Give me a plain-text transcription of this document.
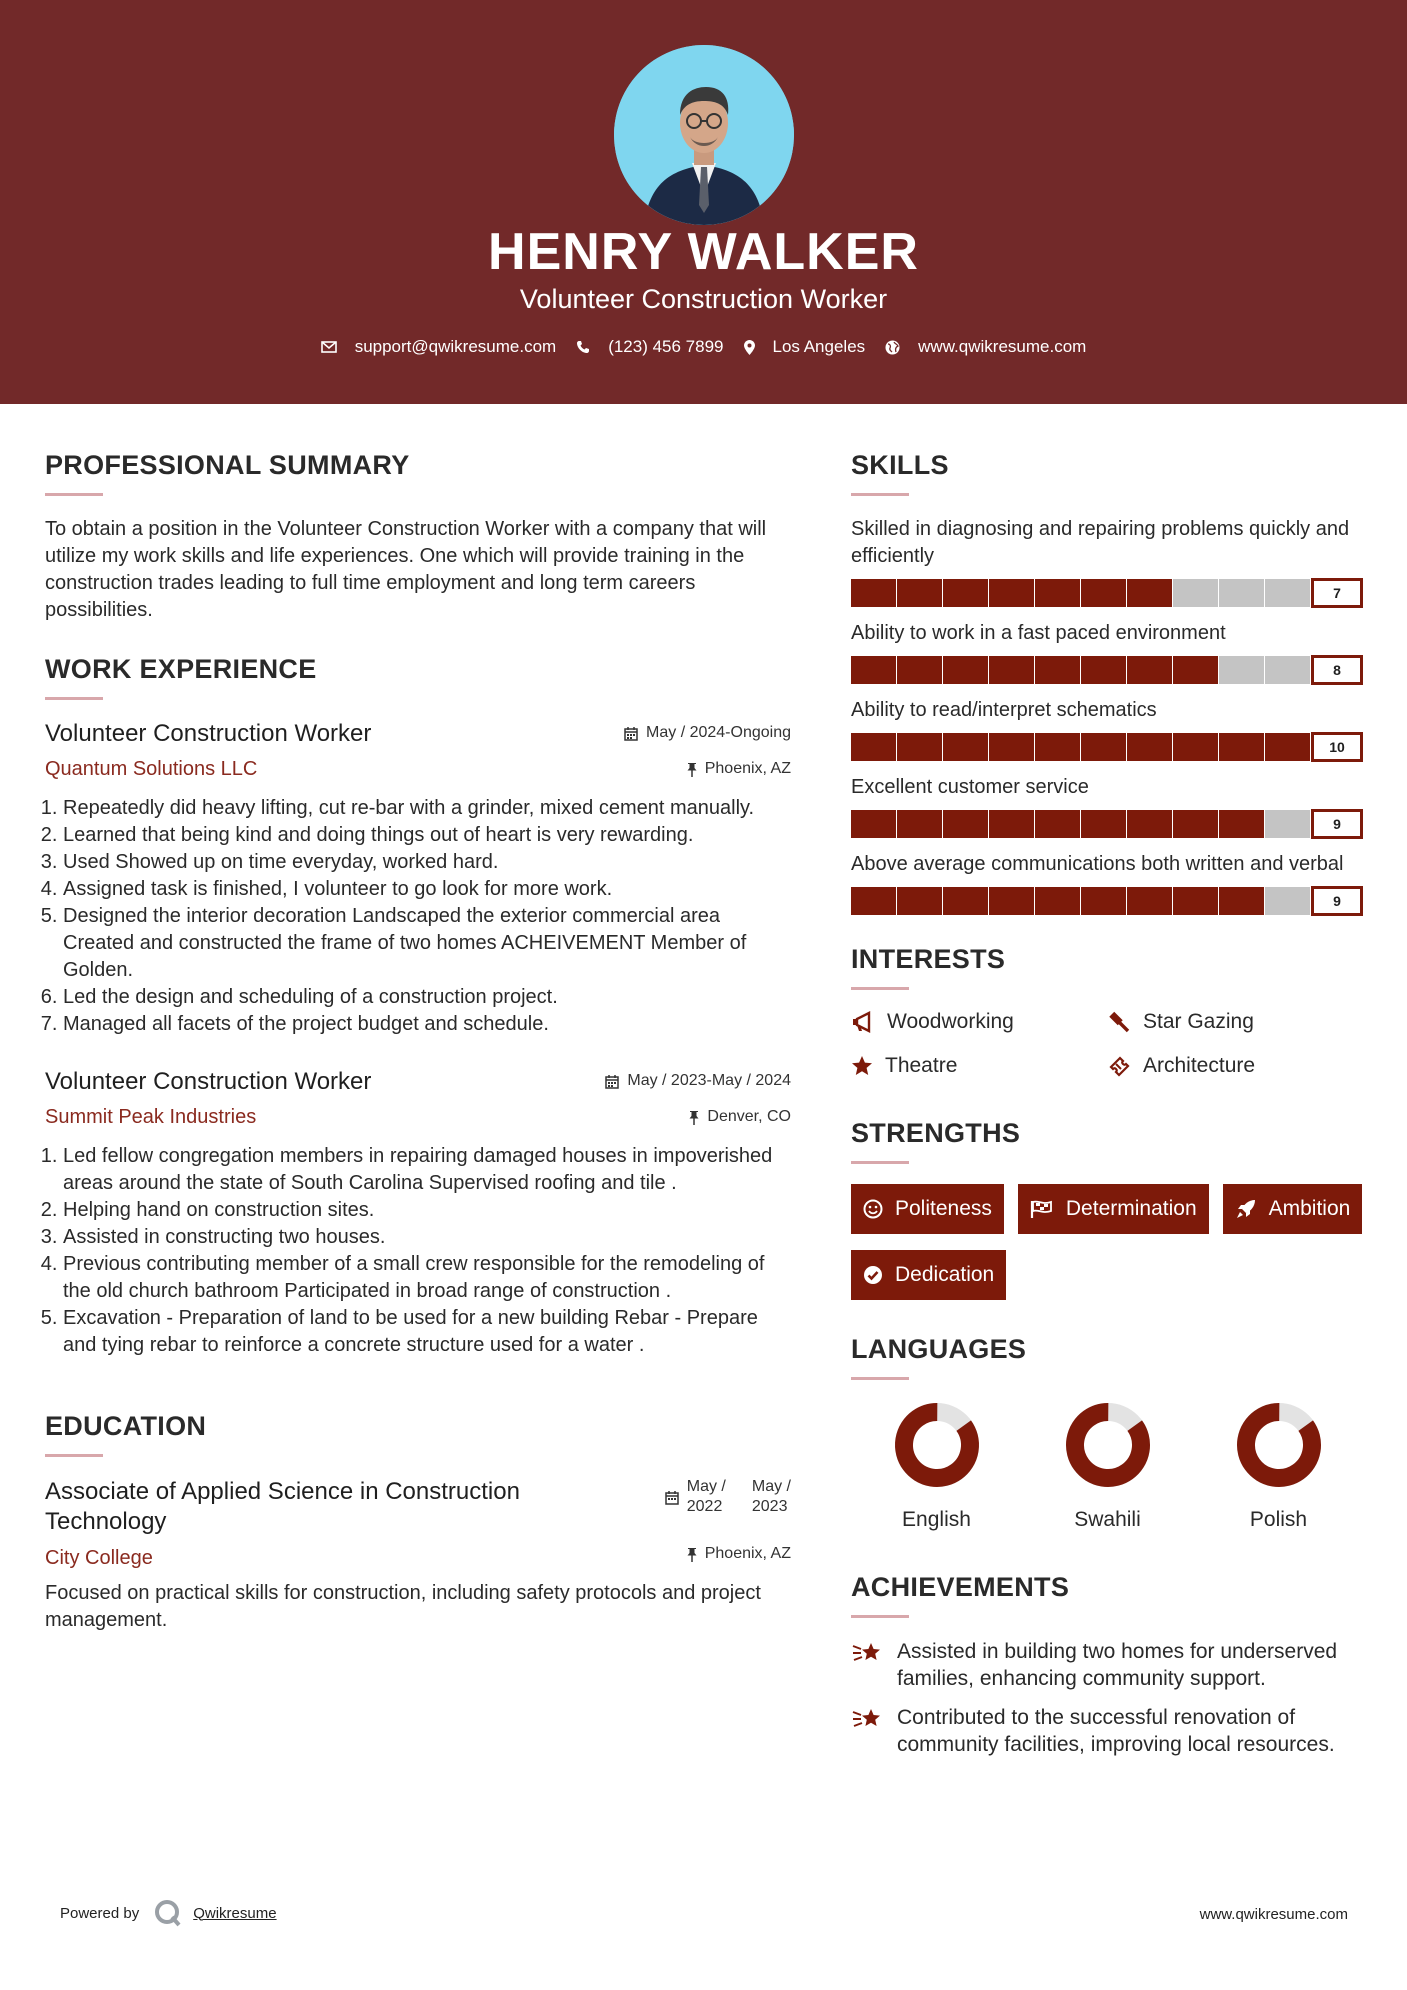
HENRY WALKER
Volunteer Construction Worker
support@qwikresume.com	(123) 456 7899	Los Angeles	www.qwikresume.com
PROFESSIONAL SUMMARY
To obtain a position in the Volunteer Construction Worker with a company that will utilize my work skills and life experiences. One which will provide training in the construction trades leading to full time employment and long term careers possibilities.
WORK EXPERIENCE
Volunteer Construction Worker	May / 2024-Ongoing
Quantum Solutions LLC	Phoenix, AZ
1. Repeatedly did heavy lifting, cut re-bar with a grinder, mixed cement manually.
2. Learned that being kind and doing things out of heart is very rewarding.
3. Used Showed up on time everyday, worked hard.
4. Assigned task is finished, I volunteer to go look for more work.
5. Designed the interior decoration Landscaped the exterior commercial area Created and constructed the frame of two homes ACHEIVEMENT Member of Golden.
6. Led the design and scheduling of a construction project.
7. Managed all facets of the project budget and schedule.
Volunteer Construction Worker	May / 2023-May / 2024
Summit Peak Industries	Denver, CO
1. Led fellow congregation members in repairing damaged houses in impoverished areas around the state of South Carolina Supervised roofing and tile .
2. Helping hand on construction sites.
3. Assisted in constructing two houses.
4. Previous contributing member of a small crew responsible for the remodeling of the old church bathroom Participated in broad range of construction .
5. Excavation - Preparation of land to be used for a new building Rebar - Prepare and tying rebar to reinforce a concrete structure used for a water .
EDUCATION
Associate of Applied Science in Construction Technology
May /
2022
May /
2023
City College	Phoenix, AZ
Focused on practical skills for construction, including safety protocols and project management.
SKILLS
Skilled in diagnosing and repairing problems quickly and efficiently
7
Ability to work in a fast paced environment
8
Ability to read/interpret schematics
10
Excellent customer service
9
Above average communications both written and verbal
9
INTERESTS
Woodworking	Star Gazing
Theatre	Architecture
STRENGTHS
Politeness	Determination	Ambition
Dedication
LANGUAGES
English	Swahili	Polish
ACHIEVEMENTS
Assisted in building two homes for underserved families, enhancing community support.
Contributed to the successful renovation of community facilities, improving local resources.
Powered by	Qwikresume	www.qwikresume.com
